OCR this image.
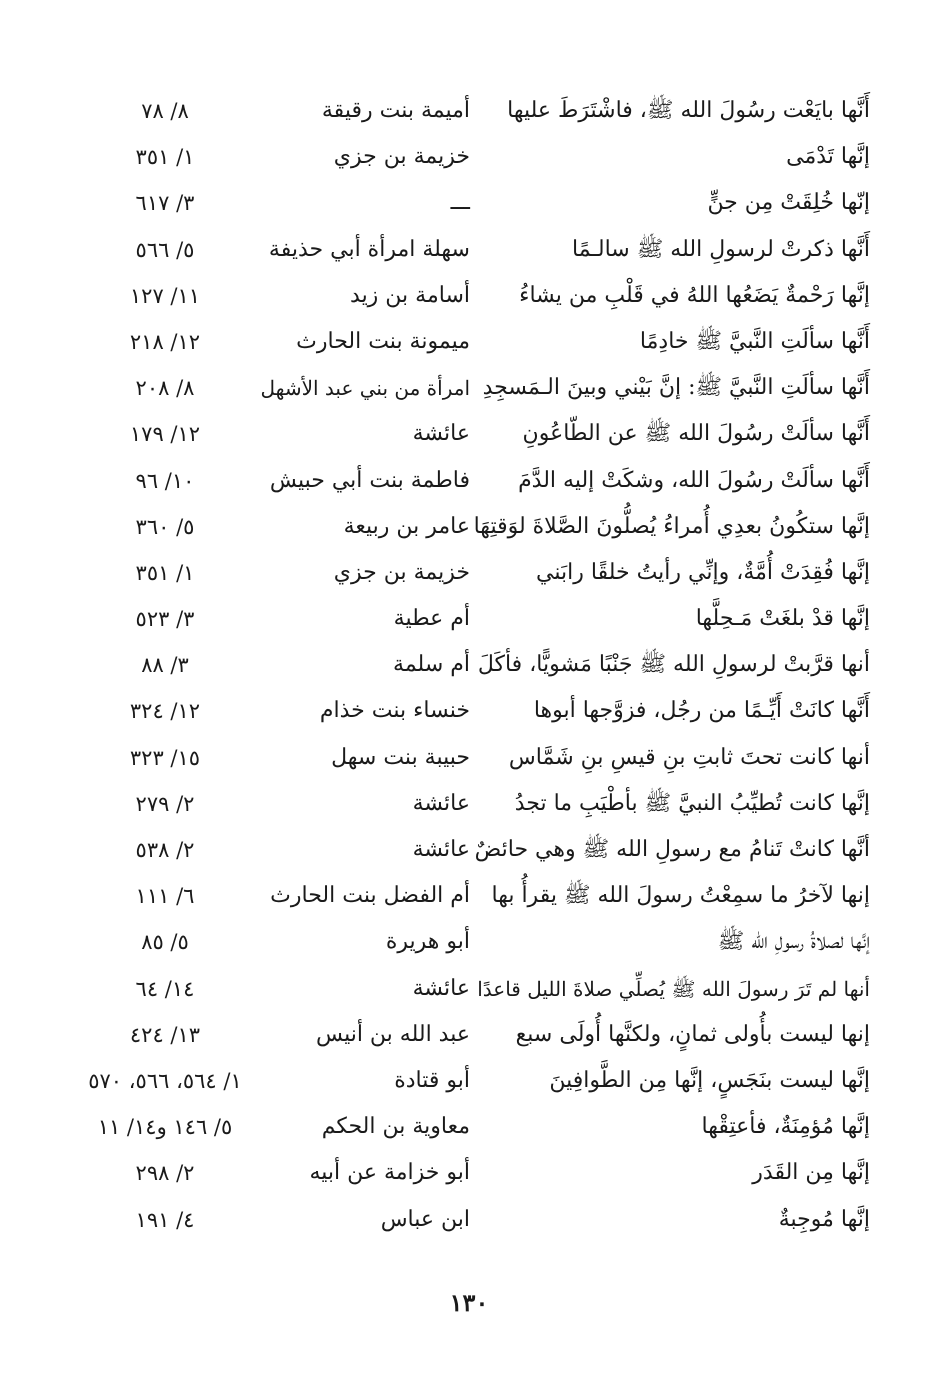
أَنَّها بايَعْت رسُولَ الله ﷺ، فاشْتَرَطَ عليها
أميمة بنت رقيقة
٨/ ٧٨
إنَّها تَدْمَى
خزيمة بن جزي
١/ ٣٥١
إنّها خُلِقَتْ مِن جنٍّ
ـــ
٣/ ٦١٧
أَنَّها ذكرتْ لرسولِ الله ﷺ سالـمًا
سهلة امرأة أبي حذيفة
٥/ ٥٦٦
إنَّها رَحْمةٌ يَضَعُها اللهُ في قَلْبِ من يشاءُ
أسامة بن زيد
١١/ ١٢٧
أَنَّها سألَتِ النَّبيَّ ﷺ خادِمًا
ميمونة بنت الحارث
١٢/ ٢١٨
أَنَّها سألَتِ النَّبيَّ ﷺ: إنَّ بَيْني وبينَ الـمَسجِدِ
امرأة من بني عبد الأشهل
٨/ ٢٠٨
أَنَّها سألَتْ رسُولَ الله ﷺ عن الطّاعُونِ
عائشة
١٢/ ١٧٩
أَنَّها سألَتْ رسُولَ الله، وشكَتْ إليه الدَّمَ
فاطمة بنت أبي حبيش
١٠/ ٩٦
إنَّها ستكُونُ بعدِي أُمراءُ يُصلُّونَ الصَّلاةَ لوَقتِهَا
عامر بن ربيعة
٥/ ٣٦٠
إنَّها فُقِدَتْ أُمَّةٌ، وإنِّي رأيتُ خلقًا رابَني
خزيمة بن جزي
١/ ٣٥١
إنَّها قدْ بلغَتْ مَـحِلَّها
أم عطية
٣/ ٥٢٣
أنها قرَّبتْ لرسولِ الله ﷺ جَنْبًا مَشويًّا، فأكَلَ
أم سلمة
٣/ ٨٨
أَنَّها كانَتْ أَيِّـمًا من رجُل، فزوَّجها أبوها
خنساء بنت خذام
١٢/ ٣٢٤
أنها كانت تحتَ ثابتِ بنِ قيسِ بنِ شَمَّاس
حبيبة بنت سهل
١٥/ ٣٢٣
إنَّها كانت تُطيِّبُ النبيَّ ﷺ بأطْيَبِ ما تجدُ
عائشة
٢/ ٢٧٩
أنَّها كانتْ تَنامُ مع رسولِ الله ﷺ وهي حائضٌ
عائشة
٢/ ٥٣٨
إنها لآخرُ ما سمِعْتُ رسولَ الله ﷺ يقرأُ بها
أم الفضل بنت الحارث
٦/ ١١١
إنَّها لصلاةُ رسولِ الله ﷺ
أبو هريرة
٥/ ٨٥
أنها لم تَرَ رسولَ الله ﷺ يُصلِّي صلاةَ الليل قاعدًا
عائشة
١٤/ ٦٤
إنها ليست بأُولى ثمانٍ، ولكنَّها أُولَى سبع
عبد الله بن أنيس
١٣/ ٤٢٤
إنَّها ليست بنَجَسٍ، إنَّها مِن الطَّوافِينَ
أبو قتادة
١/ ٥٦٤، ٥٦٦، ٥٧٠
إنَّها مُؤمِنَةٌ، فأعتِقْها
معاوية بن الحكم
٥/ ١٤٦ و١٤/ ١١
إنَّها مِن القَدَر
أبو خزامة عن أبيه
٢/ ٢٩٨
إنَّها مُوجِبةٌ
ابن عباس
٤/ ١٩١
١٣٠
